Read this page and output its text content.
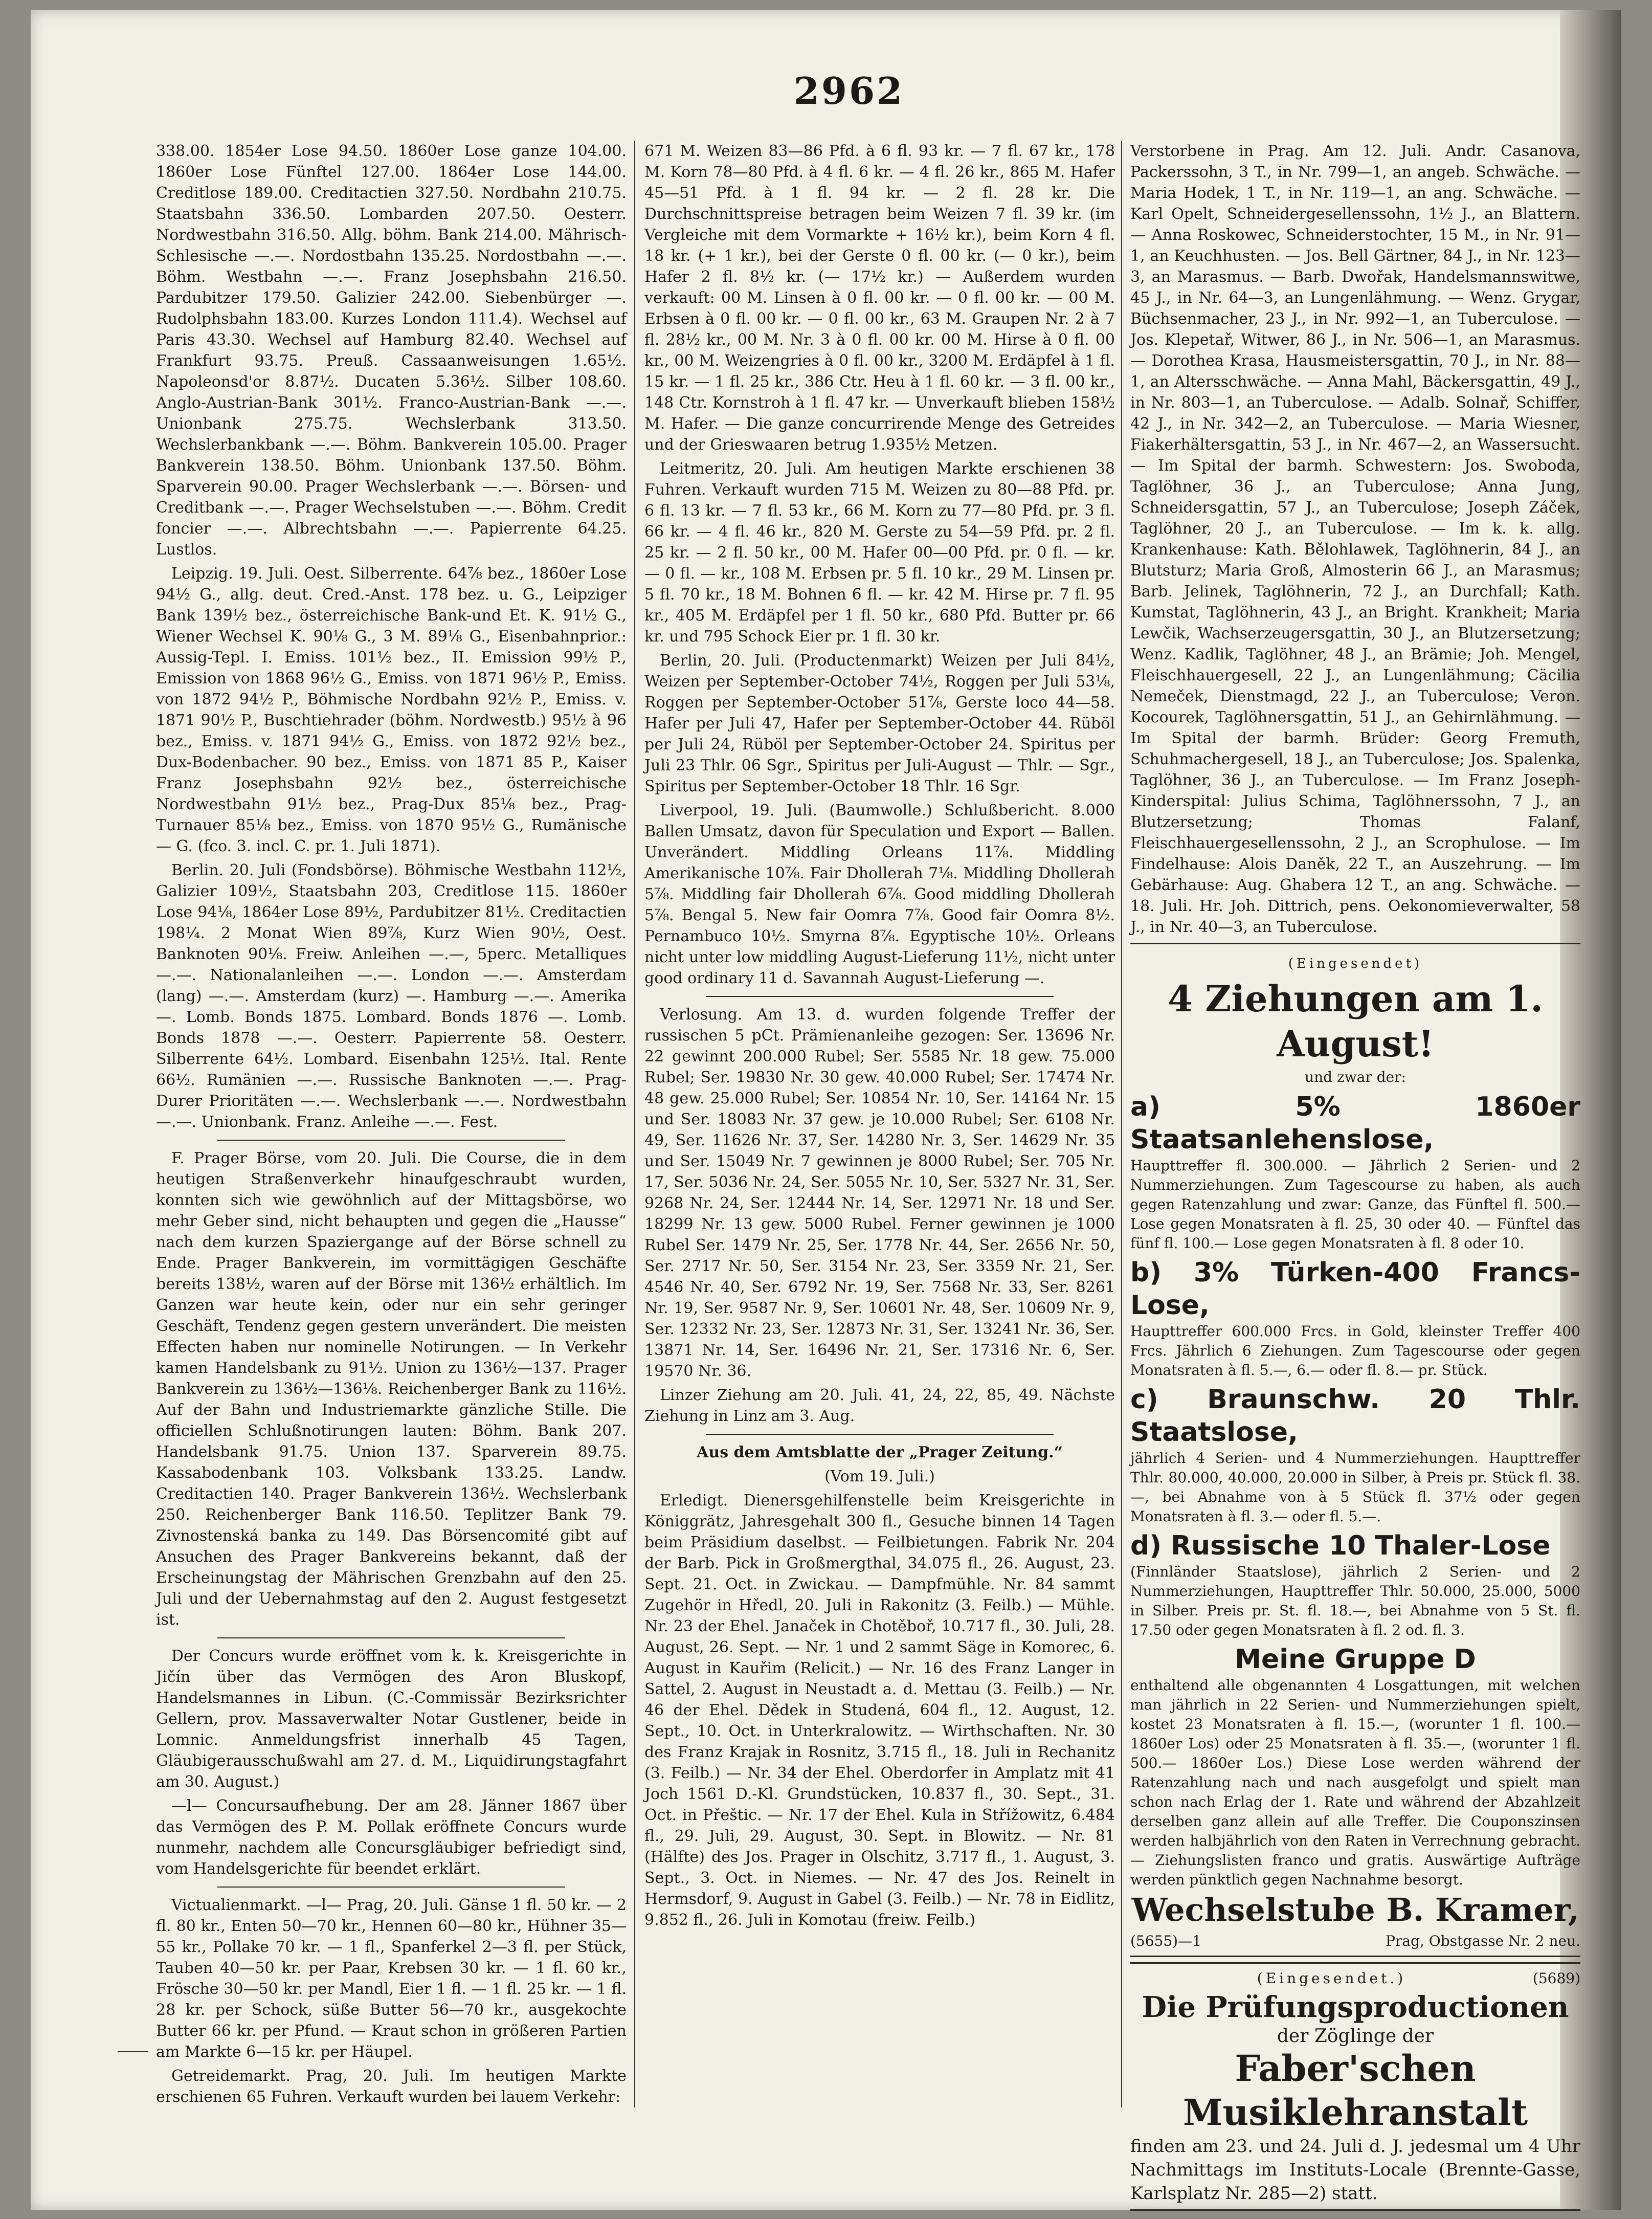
2962

338.00. 1854er Lose 94.50. 1860er Lose ganze 104.00. 1860er Lose Fünftel 127.00. 1864er Lose 144.00. Creditlose 189.00. Creditactien 327.50. Nordbahn 210.75. Staatsbahn 336.50. Lombarden 207.50. Oesterr. Nordwestbahn 316.50. Allg. böhm. Bank 214.00. Mährisch-Schlesische —.—. Nordostbahn 135.25. Nordostbahn —.—. Böhm. Westbahn —.—. Franz Josephsbahn 216.50. Pardubitzer 179.50. Galizier 242.00. Siebenbürger —. Rudolphsbahn 183.00. Kurzes London 111.4). Wechsel auf Paris 43.30. Wechsel auf Hamburg 82.40. Wechsel auf Frankfurt 93.75. Preuß. Cassaanweisungen 1.65½. Napoleonsd'or 8.87½. Ducaten 5.36½. Silber 108.60. Anglo-Austrian-Bank 301½. Franco-Austrian-Bank —.—. Unionbank 275.75. Wechslerbank 313.50. Wechslerbankbank —.—. Böhm. Bankverein 105.00. Prager Bankverein 138.50. Böhm. Unionbank 137.50. Böhm. Sparverein 90.00. Prager Wechslerbank —.—. Börsen- und Creditbank —.—. Prager Wechselstuben —.—. Böhm. Credit foncier —.—. Albrechtsbahn —.—. Papierrente 64.25. Lustlos.

Leipzig. 19. Juli. Oest. Silberrente. 64⅞ bez., 1860er Lose 94½ G., allg. deut. Cred.-Anst. 178 bez. u. G., Leipziger Bank 139½ bez., österreichische Bank-und Et. K. 91½ G., Wiener Wechsel K. 90⅛ G., 3 M. 89⅛ G., Eisenbahnprior.: Aussig-Tepl. I. Emiss. 101½ bez., II. Emission 99½ P., Emission von 1868 96½ G., Emiss. von 1871 96½ P., Emiss. von 1872 94½ P., Böhmische Nordbahn 92½ P., Emiss. v. 1871 90½ P., Buschtiehrader (böhm. Nordwestb.) 95½ à 96 bez., Emiss. v. 1871 94½ G., Emiss. von 1872 92½ bez., Dux-Bodenbacher. 90 bez., Emiss. von 1871 85 P., Kaiser Franz Josephsbahn 92½ bez., österreichische Nordwestbahn 91½ bez., Prag-Dux 85⅛ bez., Prag-Turnauer 85⅛ bez., Emiss. von 1870 95½ G., Rumänische — G. (fco. 3. incl. C. pr. 1. Juli 1871).

Berlin. 20. Juli (Fondsbörse). Böhmische Westbahn 112½, Galizier 109½, Staatsbahn 203, Creditlose 115. 1860er Lose 94⅛, 1864er Lose 89½, Pardubitzer 81½. Creditactien 198¼. 2 Monat Wien 89⅞, Kurz Wien 90½, Oest. Banknoten 90⅛. Freiw. Anleihen —.—, 5perc. Metalliques —.—. Nationalanleihen —.—. London —.—. Amsterdam (lang) —.—. Amsterdam (kurz) —. Hamburg —.—. Amerika —. Lomb. Bonds 1875. Lombard. Bonds 1876 —. Lomb. Bonds 1878 —.—. Oesterr. Papierrente 58. Oesterr. Silberrente 64½. Lombard. Eisenbahn 125½. Ital. Rente 66½. Rumänien —.—. Russische Banknoten —.—. Prag-Durer Prioritäten —.—. Wechslerbank —.—. Nordwestbahn —.—. Unionbank. Franz. Anleihe —.—. Fest.

F. Prager Börse, vom 20. Juli. Die Course, die in dem heutigen Straßenverkehr hinaufgeschraubt wurden, konnten sich wie gewöhnlich auf der Mittagsbörse, wo mehr Geber sind, nicht behaupten und gegen die „Hausse“ nach dem kurzen Spaziergange auf der Börse schnell zu Ende. Prager Bankverein, im vormittägigen Geschäfte bereits 138½, waren auf der Börse mit 136½ erhältlich. Im Ganzen war heute kein, oder nur ein sehr geringer Geschäft, Tendenz gegen gestern unverändert. Die meisten Effecten haben nur nominelle Notirungen. — In Verkehr kamen Handelsbank zu 91½. Union zu 136½—137. Prager Bankverein zu 136½—136⅛. Reichenberger Bank zu 116½. Auf der Bahn und Industriemarkte gänzliche Stille. Die officiellen Schlußnotirungen lauten: Böhm. Bank 207. Handelsbank 91.75. Union 137. Sparverein 89.75. Kassabodenbank 103. Volksbank 133.25. Landw. Creditactien 140. Prager Bankverein 136½. Wechslerbank 250. Reichenberger Bank 116.50. Teplitzer Bank 79. Zivnostenská banka zu 149. Das Börsencomité gibt auf Ansuchen des Prager Bankvereins bekannt, daß der Erscheinungstag der Mährischen Grenzbahn auf den 25. Juli und der Uebernahmstag auf den 2. August festgesetzt ist.

Der Concurs wurde eröffnet vom k. k. Kreisgerichte in Jičín über das Vermögen des Aron Bluskopf, Handelsmannes in Libun. (C.-Commissär Bezirksrichter Gellern, prov. Massaverwalter Notar Gustlener, beide in Lomnic. Anmeldungsfrist innerhalb 45 Tagen, Gläubigerausschußwahl am 27. d. M., Liquidirungstagfahrt am 30. August.)

—l— Concursaufhebung. Der am 28. Jänner 1867 über das Vermögen des P. M. Pollak eröffnete Concurs wurde nunmehr, nachdem alle Concursgläubiger befriedigt sind, vom Handelsgerichte für beendet erklärt.

Victualienmarkt. —l— Prag, 20. Juli. Gänse 1 fl. 50 kr. — 2 fl. 80 kr., Enten 50—70 kr., Hennen 60—80 kr., Hühner 35—55 kr., Pollake 70 kr. — 1 fl., Spanferkel 2—3 fl. per Stück, Tauben 40—50 kr. per Paar, Krebsen 30 kr. — 1 fl. 60 kr., Frösche 30—50 kr. per Mandl, Eier 1 fl. — 1 fl. 25 kr. — 1 fl. 28 kr. per Schock, süße Butter 56—70 kr., ausgekochte Butter 66 kr. per Pfund. — Kraut schon in größeren Partien am Markte 6—15 kr. per Häupel.

Getreidemarkt. Prag, 20. Juli. Im heutigen Markte erschienen 65 Fuhren. Verkauft wurden bei lauem Verkehr:

671 M. Weizen 83—86 Pfd. à 6 fl. 93 kr. — 7 fl. 67 kr., 178 M. Korn 78—80 Pfd. à 4 fl. 6 kr. — 4 fl. 26 kr., 865 M. Hafer 45—51 Pfd. à 1 fl. 94 kr. — 2 fl. 28 kr. Die Durchschnittspreise betragen beim Weizen 7 fl. 39 kr. (im Vergleiche mit dem Vormarkte + 16½ kr.), beim Korn 4 fl. 18 kr. (+ 1 kr.), bei der Gerste 0 fl. 00 kr. (— 0 kr.), beim Hafer 2 fl. 8½ kr. (— 17½ kr.) — Außerdem wurden verkauft: 00 M. Linsen à 0 fl. 00 kr. — 0 fl. 00 kr. — 00 M. Erbsen à 0 fl. 00 kr. — 0 fl. 00 kr., 63 M. Graupen Nr. 2 à 7 fl. 28½ kr., 00 M. Nr. 3 à 0 fl. 00 kr. 00 M. Hirse à 0 fl. 00 kr., 00 M. Weizengries à 0 fl. 00 kr., 3200 M. Erdäpfel à 1 fl. 15 kr. — 1 fl. 25 kr., 386 Ctr. Heu à 1 fl. 60 kr. — 3 fl. 00 kr., 148 Ctr. Kornstroh à 1 fl. 47 kr. — Unverkauft blieben 158½ M. Hafer. — Die ganze concurrirende Menge des Getreides und der Grieswaaren betrug 1.935½ Metzen.

Leitmeritz, 20. Juli. Am heutigen Markte erschienen 38 Fuhren. Verkauft wurden 715 M. Weizen zu 80—88 Pfd. pr. 6 fl. 13 kr. — 7 fl. 53 kr., 66 M. Korn zu 77—80 Pfd. pr. 3 fl. 66 kr. — 4 fl. 46 kr., 820 M. Gerste zu 54—59 Pfd. pr. 2 fl. 25 kr. — 2 fl. 50 kr., 00 M. Hafer 00—00 Pfd. pr. 0 fl. — kr. — 0 fl. — kr., 108 M. Erbsen pr. 5 fl. 10 kr., 29 M. Linsen pr. 5 fl. 70 kr., 18 M. Bohnen 6 fl. — kr. 42 M. Hirse pr. 7 fl. 95 kr., 405 M. Erdäpfel per 1 fl. 50 kr., 680 Pfd. Butter pr. 66 kr. und 795 Schock Eier pr. 1 fl. 30 kr.

Berlin, 20. Juli. (Productenmarkt) Weizen per Juli 84½, Weizen per September-October 74½, Roggen per Juli 53⅛, Roggen per September-October 51⅞, Gerste loco 44—58. Hafer per Juli 47, Hafer per September-October 44. Rüböl per Juli 24, Rüböl per September-October 24. Spiritus per Juli 23 Thlr. 06 Sgr., Spiritus per Juli-August — Thlr. — Sgr., Spiritus per September-October 18 Thlr. 16 Sgr.

Liverpool, 19. Juli. (Baumwolle.) Schlußbericht. 8.000 Ballen Umsatz, davon für Speculation und Export — Ballen. Unverändert. Middling Orleans 11⅞. Middling Amerikanische 10⅞. Fair Dhollerah 7⅛. Middling Dhollerah 5⅞. Middling fair Dhollerah 6⅞. Good middling Dhollerah 5⅞. Bengal 5. New fair Oomra 7⅞. Good fair Oomra 8½. Pernambuco 10½. Smyrna 8⅞. Egyptische 10½. Orleans nicht unter low middling August-Lieferung 11½, nicht unter good ordinary 11 d. Savannah August-Lieferung —.

Verlosung. Am 13. d. wurden folgende Treffer der russischen 5 pCt. Prämienanleihe gezogen: Ser. 13696 Nr. 22 gewinnt 200.000 Rubel; Ser. 5585 Nr. 18 gew. 75.000 Rubel; Ser. 19830 Nr. 30 gew. 40.000 Rubel; Ser. 17474 Nr. 48 gew. 25.000 Rubel; Ser. 10854 Nr. 10, Ser. 14164 Nr. 15 und Ser. 18083 Nr. 37 gew. je 10.000 Rubel; Ser. 6108 Nr. 49, Ser. 11626 Nr. 37, Ser. 14280 Nr. 3, Ser. 14629 Nr. 35 und Ser. 15049 Nr. 7 gewinnen je 8000 Rubel; Ser. 705 Nr. 17, Ser. 5036 Nr. 24, Ser. 5055 Nr. 10, Ser. 5327 Nr. 31, Ser. 9268 Nr. 24, Ser. 12444 Nr. 14, Ser. 12971 Nr. 18 und Ser. 18299 Nr. 13 gew. 5000 Rubel. Ferner gewinnen je 1000 Rubel Ser. 1479 Nr. 25, Ser. 1778 Nr. 44, Ser. 2656 Nr. 50, Ser. 2717 Nr. 50, Ser. 3154 Nr. 23, Ser. 3359 Nr. 21, Ser. 4546 Nr. 40, Ser. 6792 Nr. 19, Ser. 7568 Nr. 33, Ser. 8261 Nr. 19, Ser. 9587 Nr. 9, Ser. 10601 Nr. 48, Ser. 10609 Nr. 9, Ser. 12332 Nr. 23, Ser. 12873 Nr. 31, Ser. 13241 Nr. 36, Ser. 13871 Nr. 14, Ser. 16496 Nr. 21, Ser. 17316 Nr. 6, Ser. 19570 Nr. 36.

Linzer Ziehung am 20. Juli. 41, 24, 22, 85, 49. Nächste Ziehung in Linz am 3. Aug.

Aus dem Amtsblatte der „Prager Zeitung.“

(Vom 19. Juli.)

Erledigt. Dienersgehilfenstelle beim Kreisgerichte in Königgrätz, Jahresgehalt 300 fl., Gesuche binnen 14 Tagen beim Präsidium daselbst. — Feilbietungen. Fabrik Nr. 204 der Barb. Pick in Großmergthal, 34.075 fl., 26. August, 23. Sept. 21. Oct. in Zwickau. — Dampfmühle. Nr. 84 sammt Zugehör in Hředl, 20. Juli in Rakonitz (3. Feilb.) — Mühle. Nr. 23 der Ehel. Janaček in Chotěboř, 10.717 fl., 30. Juli, 28. August, 26. Sept. — Nr. 1 und 2 sammt Säge in Komorec, 6. August in Kauřim (Relicit.) — Nr. 16 des Franz Langer in Sattel, 2. August in Neustadt a. d. Mettau (3. Feilb.) — Nr. 46 der Ehel. Dědek in Studená, 604 fl., 12. August, 12. Sept., 10. Oct. in Unterkralowitz. — Wirthschaften. Nr. 30 des Franz Krajak in Rosnitz, 3.715 fl., 18. Juli in Rechanitz (3. Feilb.) — Nr. 34 der Ehel. Oberdorfer in Amplatz mit 41 Joch 1561 D.-Kl. Grundstücken, 10.837 fl., 30. Sept., 31. Oct. in Přeštic. — Nr. 17 der Ehel. Kula in Střížowitz, 6.484 fl., 29. Juli, 29. August, 30. Sept. in Blowitz. — Nr. 81 (Hälfte) des Jos. Prager in Olschitz, 3.717 fl., 1. August, 3. Sept., 3. Oct. in Niemes. — Nr. 47 des Jos. Reinelt in Hermsdorf, 9. August in Gabel (3. Feilb.) — Nr. 78 in Eidlitz, 9.852 fl., 26. Juli in Komotau (freiw. Feilb.)

Verstorbene in Prag. Am 12. Juli. Andr. Casanova, Packerssohn, 3 T., in Nr. 799—1, an angeb. Schwäche. — Maria Hodek, 1 T., in Nr. 119—1, an ang. Schwäche. — Karl Opelt, Schneidergesellenssohn, 1½ J., an Blattern. — Anna Roskowec, Schneiderstochter, 15 M., in Nr. 91—1, an Keuchhusten. — Jos. Bell Gärtner, 84 J., in Nr. 123—3, an Marasmus. — Barb. Dwořak, Handelsmannswitwe, 45 J., in Nr. 64—3, an Lungenlähmung. — Wenz. Grygar, Büchsenmacher, 23 J., in Nr. 992—1, an Tuberculose. — Jos. Klepetař, Witwer, 86 J., in Nr. 506—1, an Marasmus. — Dorothea Krasa, Hausmeistersgattin, 70 J., in Nr. 88—1, an Altersschwäche. — Anna Mahl, Bäckersgattin, 49 J., in Nr. 803—1, an Tuberculose. — Adalb. Solnař, Schiffer, 42 J., in Nr. 342—2, an Tuberculose. — Maria Wiesner, Fiakerhältersgattin, 53 J., in Nr. 467—2, an Wassersucht. — Im Spital der barmh. Schwestern: Jos. Swoboda, Taglöhner, 36 J., an Tuberculose; Anna Jung, Schneidersgattin, 57 J., an Tuberculose; Joseph Záček, Taglöhner, 20 J., an Tuberculose. — Im k. k. allg. Krankenhause: Kath. Bělohlawek, Taglöhnerin, 84 J., an Blutsturz; Maria Groß, Almosterin 66 J., an Marasmus; Barb. Jelinek, Taglöhnerin, 72 J., an Durchfall; Kath. Kumstat, Taglöhnerin, 43 J., an Bright. Krankheit; Maria Lewčik, Wachserzeugersgattin, 30 J., an Blutzersetzung; Wenz. Kadlik, Taglöhner, 48 J., an Brämie; Joh. Mengel, Fleischhauergesell, 22 J., an Lungenlähmung; Cäcilia Nemeček, Dienstmagd, 22 J., an Tuberculose; Veron. Kocourek, Taglöhnersgattin, 51 J., an Gehirnlähmung. — Im Spital der barmh. Brüder: Georg Fremuth, Schuhmachergesell, 18 J., an Tuberculose; Jos. Spalenka, Taglöhner, 36 J., an Tuberculose. — Im Franz Joseph-Kinderspital: Julius Schima, Taglöhnerssohn, 7 J., an Blutzersetzung; Thomas Falanf, Fleischhauergesellenssohn, 2 J., an Scrophulose. — Im Findelhause: Alois Daněk, 22 T., an Auszehrung. — Im Gebärhause: Aug. Ghabera 12 T., an ang. Schwäche. — 18. Juli. Hr. Joh. Dittrich, pens. Oekonomieverwalter, 58 J., in Nr. 40—3, an Tuberculose.

(Eingesendet)
4 Ziehungen am 1. August!
und zwar der:
a) 5% 1860er Staatsanlehenslose,
Haupttreffer fl. 300.000. — Jährlich 2 Serien- und 2 Nummerziehungen. Zum Tagescourse zu haben, als auch gegen Ratenzahlung und zwar: Ganze, das Fünftel fl. 500.— Lose gegen Monatsraten à fl. 25, 30 oder 40. — Fünftel das fünf fl. 100.— Lose gegen Monatsraten à fl. 8 oder 10.
b) 3% Türken-400 Francs-Lose,
Haupttreffer 600.000 Frcs. in Gold, kleinster Treffer 400 Frcs. Jährlich 6 Ziehungen. Zum Tagescourse oder gegen Monatsraten à fl. 5.—, 6.— oder fl. 8.— pr. Stück.
c) Braunschw. 20 Thlr. Staatslose,
jährlich 4 Serien- und 4 Nummerziehungen. Haupttreffer Thlr. 80.000, 40.000, 20.000 in Silber, à Preis pr. Stück fl. 38.—, bei Abnahme von à 5 Stück fl. 37½ oder gegen Monatsraten à fl. 3.— oder fl. 5.—.
d) Russische 10 Thaler-Lose
(Finnländer Staatslose), jährlich 2 Serien- und 2 Nummerziehungen, Haupttreffer Thlr. 50.000, 25.000, 5000 in Silber. Preis pr. St. fl. 18.—, bei Abnahme von 5 St. fl. 17.50 oder gegen Monatsraten à fl. 2 od. fl. 3.
Meine Gruppe D
enthaltend alle obgenannten 4 Losgattungen, mit welchen man jährlich in 22 Serien- und Nummerziehungen spielt, kostet 23 Monatsraten à fl. 15.—, (worunter 1 fl. 100.— 1860er Los) oder 25 Monatsraten à fl. 35.—, (worunter 1 fl. 500.— 1860er Los.) Diese Lose werden während der Ratenzahlung nach und nach ausgefolgt und spielt man schon nach Erlag der 1. Rate und während der Abzahlzeit derselben ganz allein auf alle Treffer. Die Couponszinsen werden halbjährlich von den Raten in Verrechnung gebracht. — Ziehungslisten franco und gratis. Auswärtige Aufträge werden pünktlich gegen Nachnahme besorgt.
Wechselstube B. Kramer,
(5655)—1	Prag, Obstgasse Nr. 2 neu.
(Eingesendet.)	(5689)
Die Prüfungsproductionen
der Zöglinge der
Faber'schen Musiklehranstalt
finden am 23. und 24. Juli d. J. jedesmal um 4 Uhr Nachmittags im Instituts-Locale (Brennte-Gasse, Karlsplatz Nr. 285—2) statt.
